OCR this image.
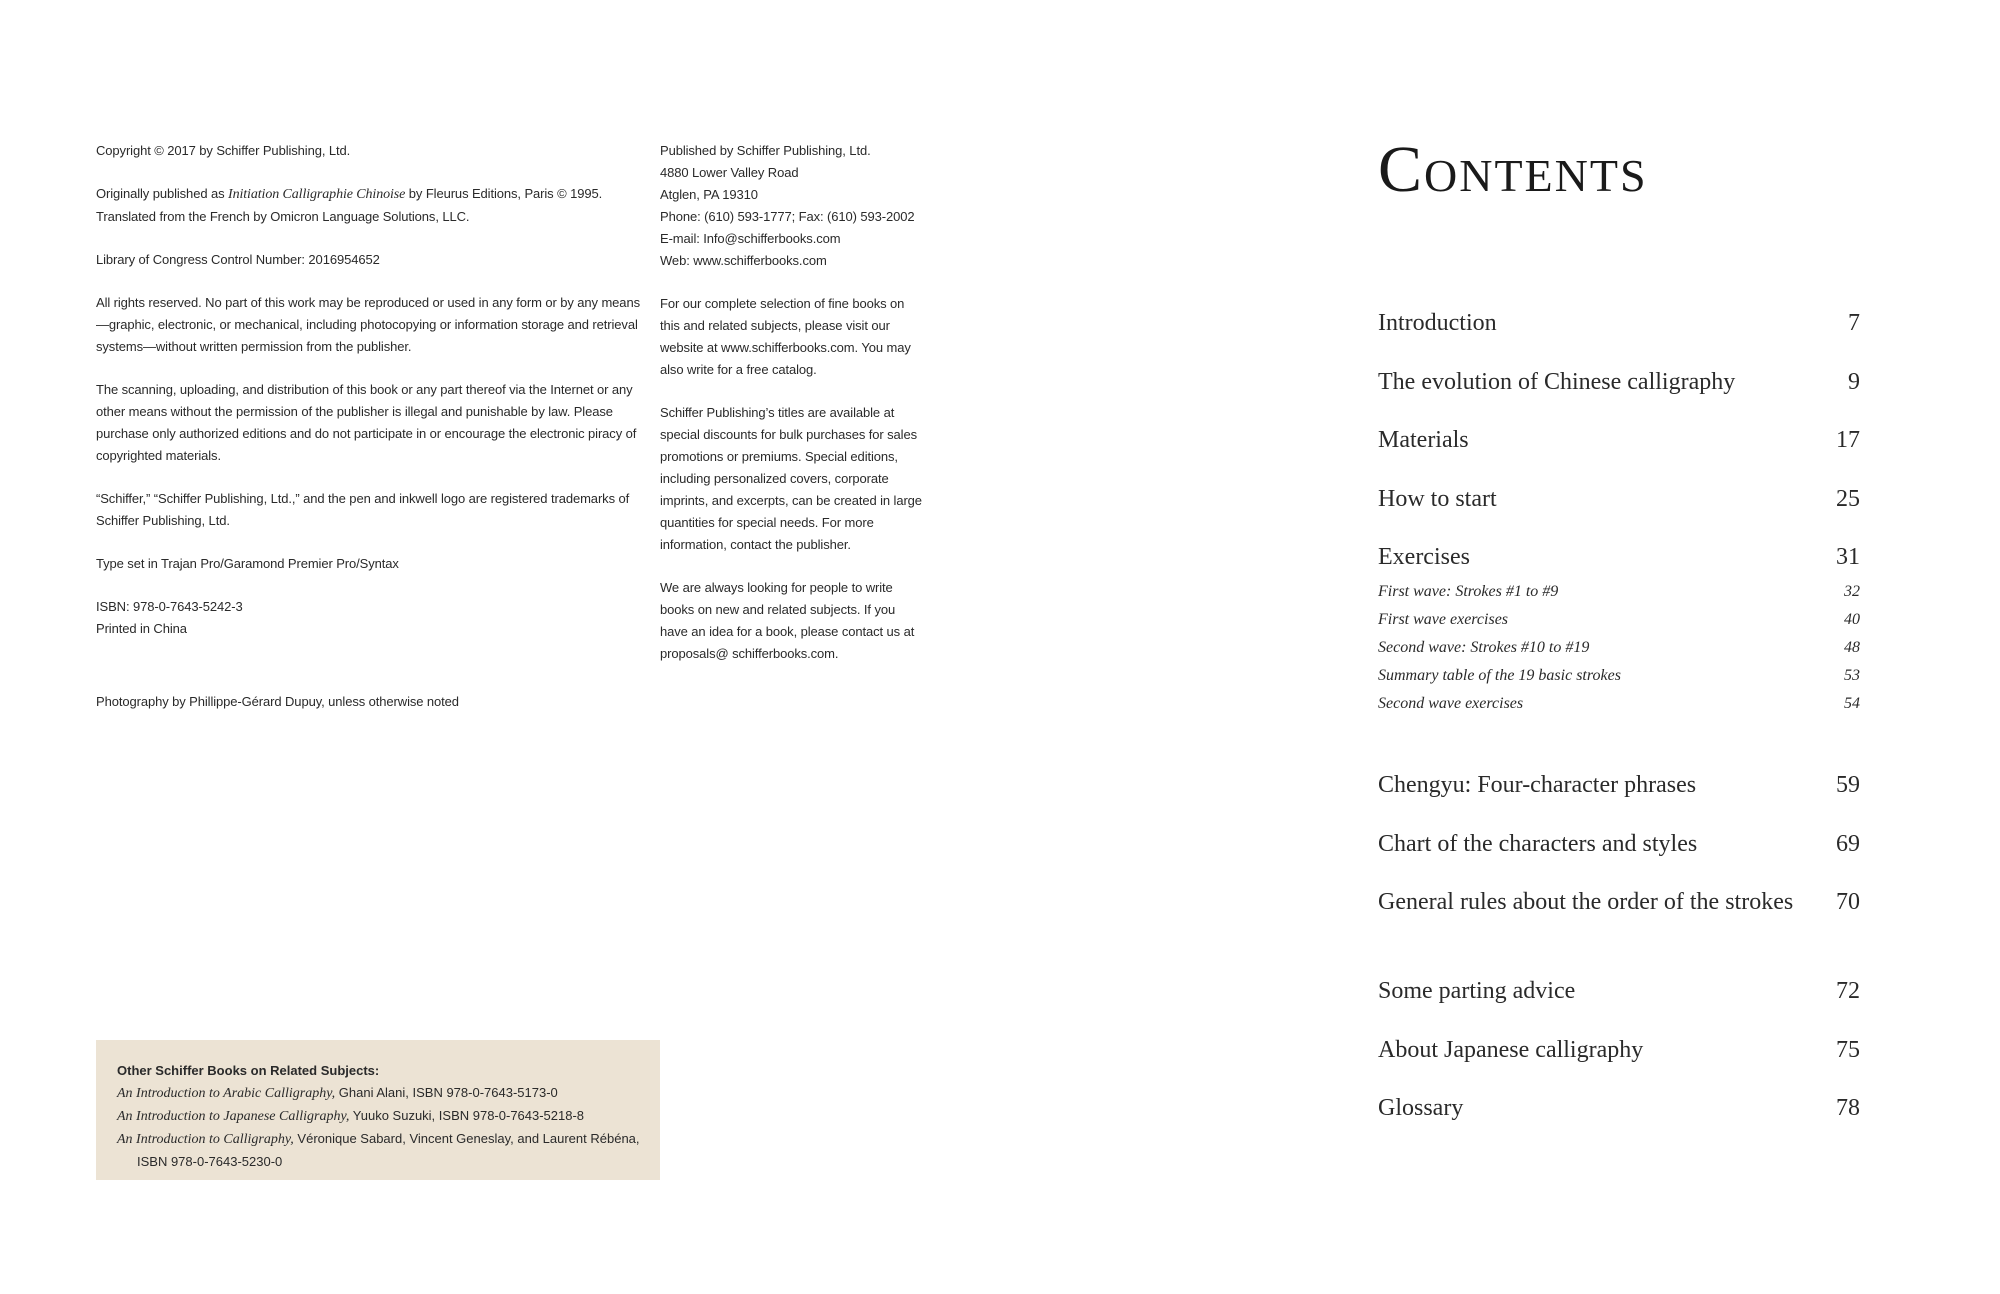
Copyright © 2017 by Schiffer Publishing, Ltd.

Originally published as Initiation Calligraphie Chinoise by Fleurus Editions, Paris © 1995. Translated from the French by Omicron Language Solutions, LLC.

Library of Congress Control Number: 2016954652

All rights reserved. No part of this work may be reproduced or used in any form or by any means—graphic, electronic, or mechanical, including photocopying or information storage and retrieval systems—without written permission from the publisher.

The scanning, uploading, and distribution of this book or any part thereof via the Internet or any other means without the permission of the publisher is illegal and punishable by law. Please purchase only authorized editions and do not participate in or encourage the electronic piracy of copyrighted materials.

“Schiffer,” “Schiffer Publishing, Ltd.,” and the pen and inkwell logo are registered trademarks of Schiffer Publishing, Ltd.

Type set in Trajan Pro/Garamond Premier Pro/Syntax

ISBN: 978-0-7643-5242-3

Printed in China

Photography by Phillippe-Gérard Dupuy, unless otherwise noted

Published by Schiffer Publishing, Ltd.

4880 Lower Valley Road

Atglen, PA 19310

Phone: (610) 593-1777; Fax: (610) 593-2002

E-mail: Info@schifferbooks.com

Web: www.schifferbooks.com

For our complete selection of fine books on this and related subjects, please visit our website at www.schifferbooks.com. You may also write for a free catalog.

Schiffer Publishing’s titles are available at special discounts for bulk purchases for sales promotions or premiums. Special editions, including personalized covers, corporate imprints, and excerpts, can be created in large quantities for special needs. For more information, contact the publisher.

We are always looking for people to write books on new and related subjects. If you have an idea for a book, please contact us at proposals@ schifferbooks.com.

Other Schiffer Books on Related Subjects:
An Introduction to Arabic Calligraphy, Ghani Alani, ISBN 978-0-7643-5173-0
An Introduction to Japanese Calligraphy, Yuuko Suzuki, ISBN 978-0-7643-5218-8
An Introduction to Calligraphy, Véronique Sabard, Vincent Geneslay, and Laurent Rébéna,
ISBN 978-0-7643-5230-0
Contents
Introduction	7
The evolution of Chinese calligraphy	9
Materials	17
How to start	25
Exercises	31
First wave: Strokes #1 to #9	32
First wave exercises	40
Second wave: Strokes #10 to #19	48
Summary table of the 19 basic strokes	53
Second wave exercises	54
Chengyu: Four-character phrases	59
Chart of the characters and styles	69
General rules about the order of the strokes 70
Some parting advice	72
About Japanese calligraphy	75
Glossary	78
